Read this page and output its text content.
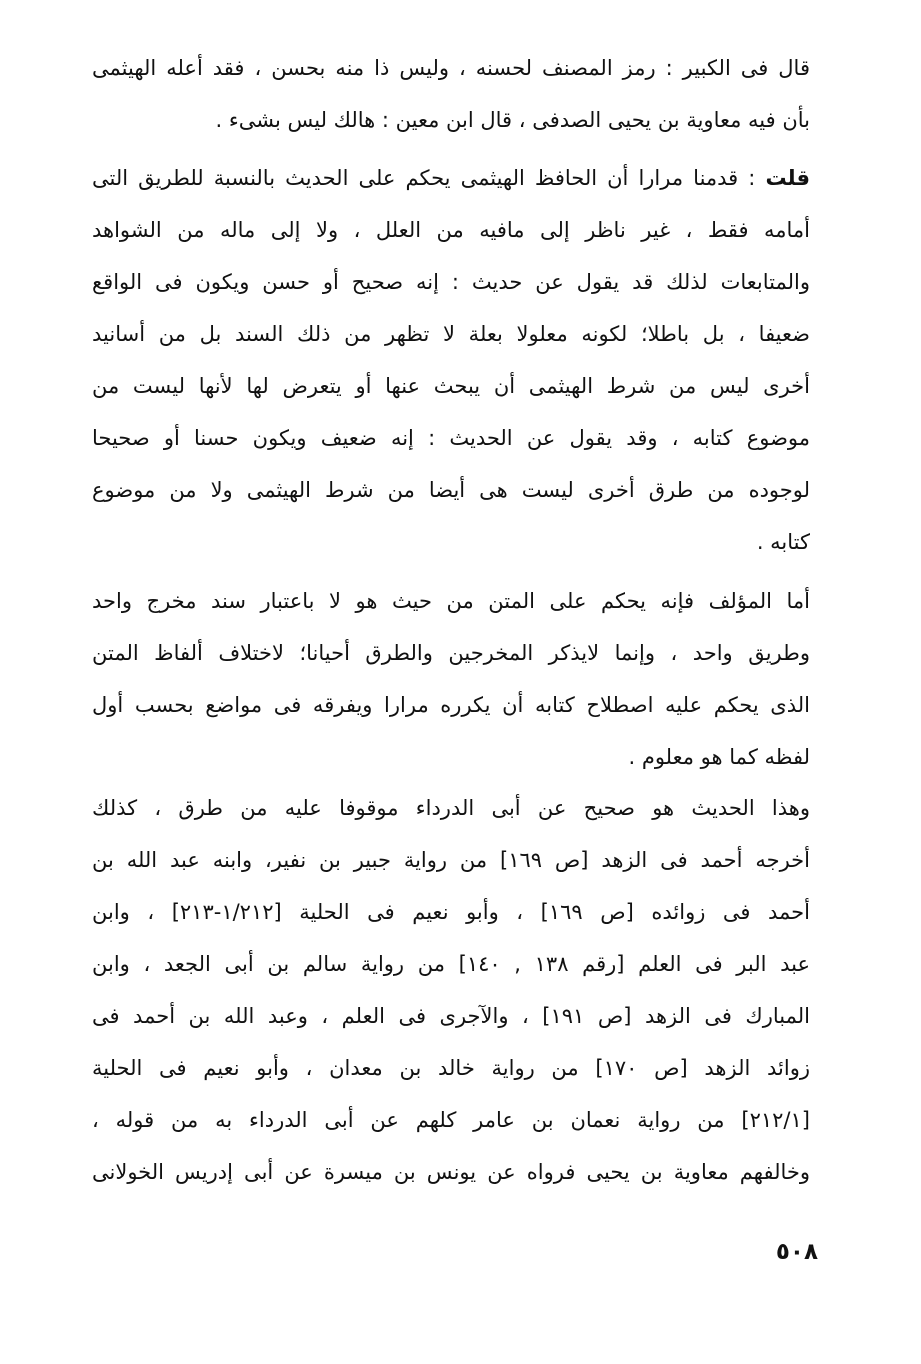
قال فى الكبير : رمز المصنف لحسنه ، وليس ذا منه بحسن ، فقد أعله الهيثمى
بأن فيه معاوية بن يحيى الصدفى ، قال ابن معين : هالك ليس بشىء .
قلت : قدمنا مرارا أن الحافظ الهيثمى يحكم على الحديث بالنسبة للطريق التى
أمامه فقط ، غير ناظر إلى مافيه من العلل ، ولا إلى ماله من الشواهد
والمتابعات لذلك قد يقول عن حديث : إنه صحيح أو حسن ويكون فى الواقع
ضعيفا ، بل باطلا؛ لكونه معلولا بعلة لا تظهر من ذلك السند بل من أسانيد
أخرى ليس من شرط الهيثمى أن يبحث عنها أو يتعرض لها لأنها ليست من
موضوع كتابه ، وقد يقول عن الحديث : إنه ضعيف ويكون حسنا أو صحيحا
لوجوده من طرق أخرى ليست هى أيضا من شرط الهيثمى ولا من موضوع
كتابه .
أما المؤلف فإنه يحكم على المتن من حيث هو لا باعتبار سند مخرج واحد
وطريق واحد ، وإنما لايذكر المخرجين والطرق أحيانا؛ لاختلاف ألفاظ المتن
الذى يحكم عليه اصطلاح كتابه أن يكرره مرارا ويفرقه فى مواضع بحسب أول
لفظه كما هو معلوم .
وهذا الحديث هو صحيح عن أبى الدرداء موقوفا عليه من طرق ، كذلك
أخرجه أحمد فى الزهد [ص ١٦٩] من رواية جبير بن نفير، وابنه عبد الله بن
أحمد فى زوائده [ص ١٦٩] ، وأبو نعيم فى الحلية [١/٢١٢-٢١٣] ، وابن
عبد البر فى العلم [رقم ١٣٨ , ١٤٠] من رواية سالم بن أبى الجعد ، وابن
المبارك فى الزهد [ص ١٩١] ، والآجرى فى العلم ، وعبد الله بن أحمد فى
زوائد الزهد [ص ١٧٠] من رواية خالد بن معدان ، وأبو نعيم فى الحلية
[٢١٢/١] من رواية نعمان بن عامر كلهم عن أبى الدرداء به من قوله ،
وخالفهم معاوية بن يحيى فرواه عن يونس بن ميسرة عن أبى إدريس الخولانى
٥٠٨
